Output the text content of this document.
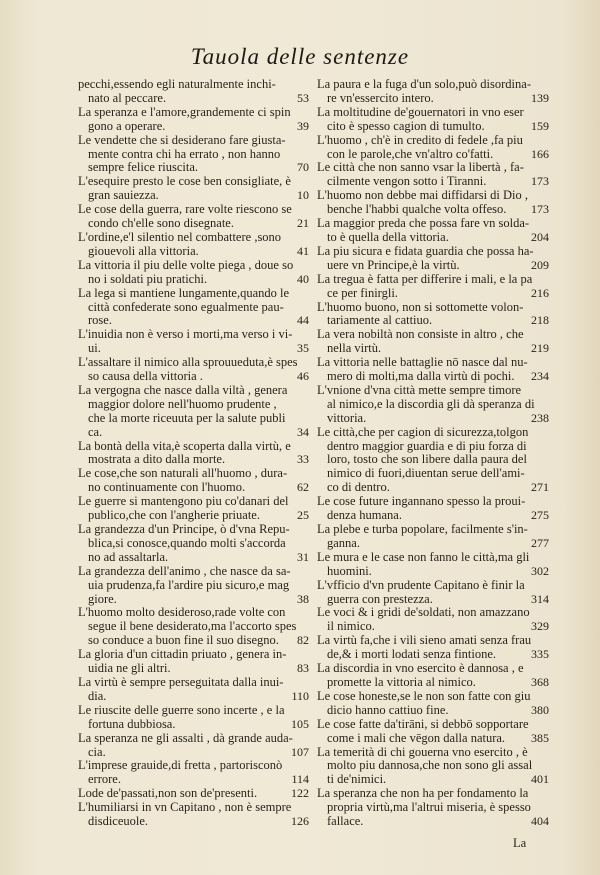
Tauola delle sentenze
pecchi,essendo egli naturalmente inchi-
nato al peccare.	53
La speranza e l'amore,grandemente ci spin
gono a operare.	39
Le vendette che si desiderano fare giusta-
mente contra chi ha errato , non hanno
sempre felice riuscita.	70
L'esequire presto le cose ben consigliate, è
gran sauiezza.	10
Le cose della guerra, rare volte riescono se
condo ch'elle sono disegnate.	21
L'ordine,e'l silentio nel combattere ,sono
giouevoli alla vittoria.	41
La vittoria il piu delle volte piega , doue so
no i soldati piu pratichi.	40
La lega si mantiene lungamente,quando le
città confederate sono egualmente pau-
rose.	44
L'inuidia non è verso i morti,ma verso i vi-
ui.	35
L'assaltare il nimico alla sprouueduta,è spes
so causa della vittoria .	46
La vergogna che nasce dalla viltà , genera
maggior dolore nell'huomo prudente ,
che la morte riceuuta per la salute publi
ca.	34
La bontà della vita,è scoperta dalla virtù, e
mostrata a dito dalla morte.	33
Le cose,che son naturali all'huomo , dura-
no continuamente con l'huomo.	62
Le guerre si mantengono piu co'danari del
publico,che con l'angherie priuate.	25
La grandezza d'un Principe, ò d'vna Repu-
blica,si conosce,quando molti s'accorda
no ad assaltarla.	31
La grandezza dell'animo , che nasce da sa-
uia prudenza,fa l'ardire piu sicuro,e mag
giore.	38
L'huomo molto desideroso,rade volte con
segue il bene desiderato,ma l'accorto spes
so conduce a buon fine il suo disegno.	82
La gloria d'un cittadin priuato , genera in-
uidia ne gli altri.	83
La virtù è sempre perseguitata dalla inui-
dia.	110
Le riuscite delle guerre sono incerte , e la
fortuna dubbiosa.	105
La speranza ne gli assalti , dà grande auda-
cia.	107
L'imprese grauide,di fretta , partorisconò
errore.	114
Lode de'passati,non son de'presenti.	122
L'humiliarsi in vn Capitano , non è sempre
disdiceuole.	126
La paura e la fuga d'un solo,può disordina-
re vn'essercito intero.	139
La moltitudine de'gouernatori in vno eser
cito è spesso cagion di tumulto.	159
L'huomo , ch'è in credito di fedele ,fa piu
con le parole,che vn'altro co'fatti.	166
Le città che non sanno vsar la libertà , fa-
cilmente vengon sotto i Tiranni.	173
L'huomo non debbe mai diffidarsi di Dio ,
benche l'habbi qualche volta offeso.	173
La maggior preda che possa fare vn solda-
to è quella della vittoria.	204
La piu sicura e fidata guardia che possa ha-
uere vn Principe,è la virtù.	209
La tregua è fatta per differire i mali, e la pa
ce per finirgli.	216
L'huomo buono, non si sottomette volon-
tariamente al cattiuo.	218
La vera nobiltà non consiste in altro , che
nella virtù.	219
La vittoria nelle battaglie nō nasce dal nu-
mero di molti,ma dalla virtù di pochi.	234
L'vnione d'vna città mette sempre timore
al nimico,e la discordia gli dà speranza di
vittoria.	238
Le città,che per cagion di sicurezza,tolgon
dentro maggior guardia e di piu forza di
loro, tosto che son libere dalla paura del
nimico di fuori,diuentan serue dell'ami-
co di dentro.	271
Le cose future ingannano spesso la proui-
denza humana.	275
La plebe e turba popolare, facilmente s'in-
ganna.	277
Le mura e le case non fanno le città,ma gli
huomini.	302
L'vfficio d'vn prudente Capitano è finir la
guerra con prestezza.	314
Le voci & i gridi de'soldati, non amazzano
il nimico.	329
La virtù fa,che i vili sieno amati senza frau
de,& i morti lodati senza fintione.	335
La discordia in vno esercito è dannosa , e
promette la vittoria al nimico.	368
Le cose honeste,se le non son fatte con giu
dicio hanno cattiuo fine.	380
Le cose fatte da'tirāni, si debbō sopportare
come i mali che vēgon dalla natura.	385
La temerità di chi gouerna vno esercito , è
molto piu dannosa,che non sono gli assal
ti de'nimici.	401
La speranza che non ha per fondamento la
propria virtù,ma l'altrui miseria, è spesso
fallace.	404
La
